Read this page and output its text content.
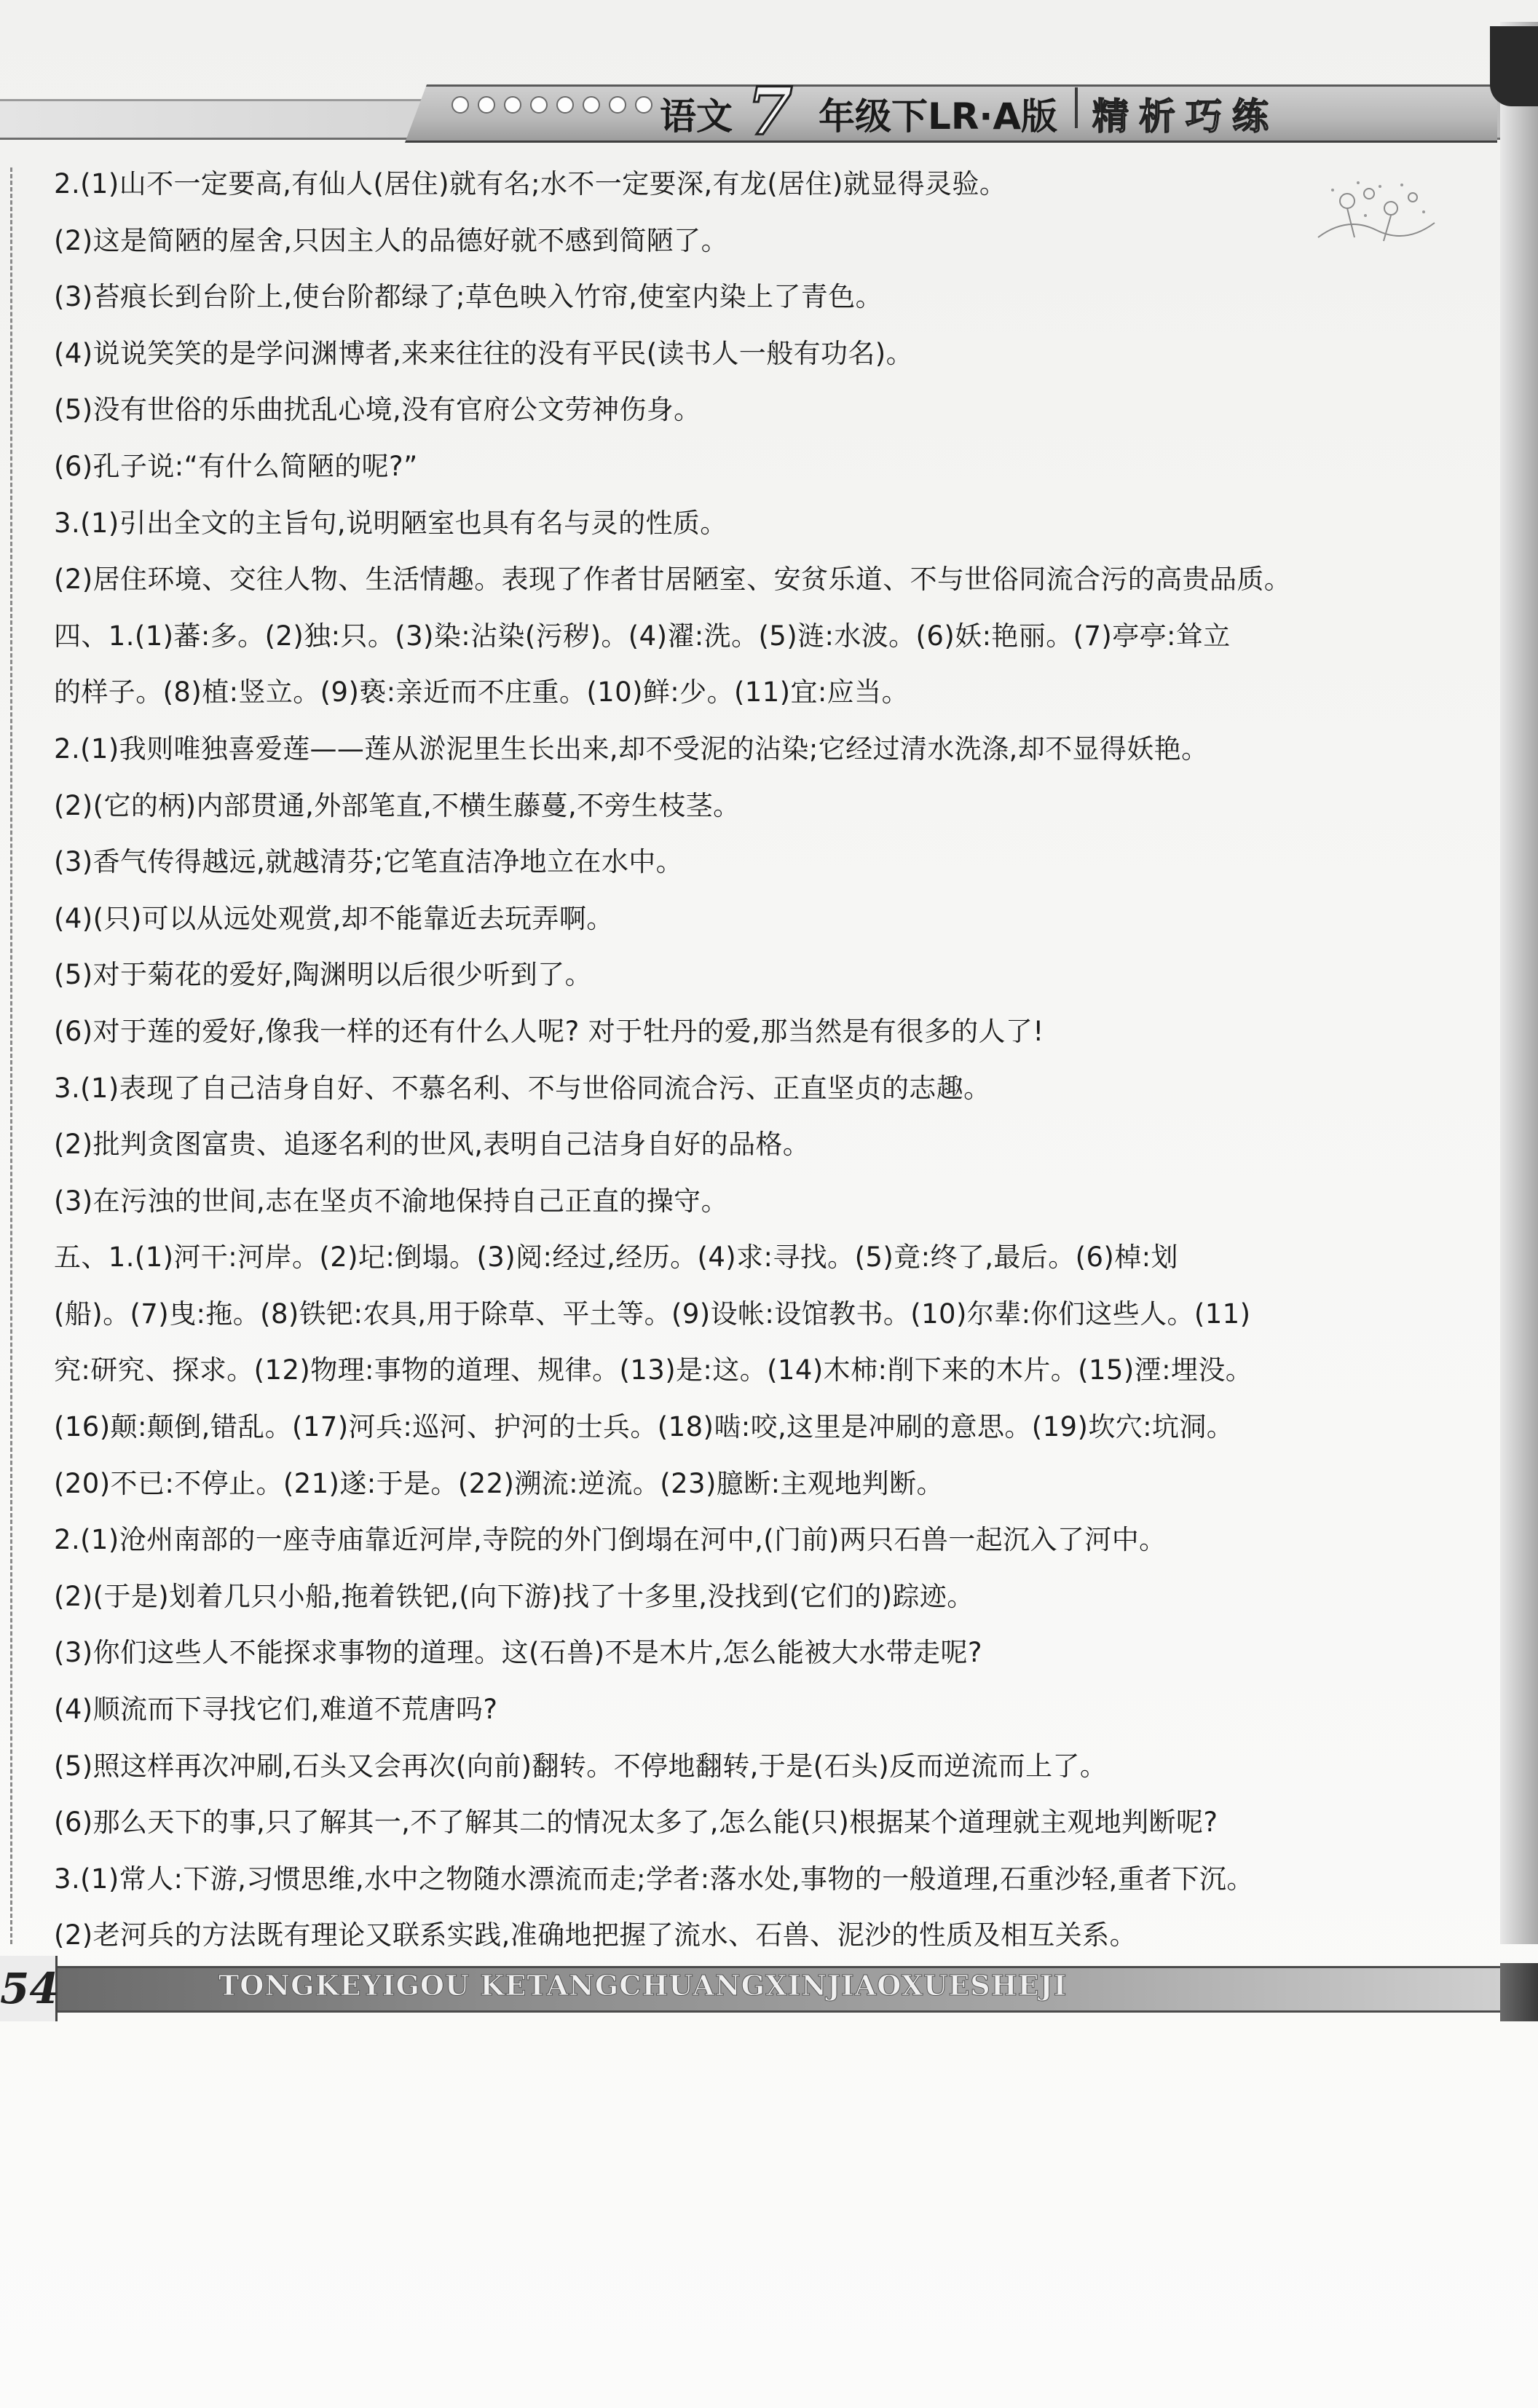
语文 7 年级下LR·A版 精析巧练
2.(1)山不一定要高,有仙人(居住)就有名;水不一定要深,有龙(居住)就显得灵验。
(2)这是简陋的屋舍,只因主人的品德好就不感到简陋了。
(3)苔痕长到台阶上,使台阶都绿了;草色映入竹帘,使室内染上了青色。
(4)说说笑笑的是学问渊博者,来来往往的没有平民(读书人一般有功名)。
(5)没有世俗的乐曲扰乱心境,没有官府公文劳神伤身。
(6)孔子说:“有什么简陋的呢?”
3.(1)引出全文的主旨句,说明陋室也具有名与灵的性质。
(2)居住环境、交往人物、生活情趣。表现了作者甘居陋室、安贫乐道、不与世俗同流合污的高贵品质。
四、1.(1)蕃:多。(2)独:只。(3)染:沾染(污秽)。(4)濯:洗。(5)涟:水波。(6)妖:艳丽。(7)亭亭:耸立
的样子。(8)植:竖立。(9)亵:亲近而不庄重。(10)鲜:少。(11)宜:应当。
2.(1)我则唯独喜爱莲——莲从淤泥里生长出来,却不受泥的沾染;它经过清水洗涤,却不显得妖艳。
(2)(它的柄)内部贯通,外部笔直,不横生藤蔓,不旁生枝茎。
(3)香气传得越远,就越清芬;它笔直洁净地立在水中。
(4)(只)可以从远处观赏,却不能靠近去玩弄啊。
(5)对于菊花的爱好,陶渊明以后很少听到了。
(6)对于莲的爱好,像我一样的还有什么人呢? 对于牡丹的爱,那当然是有很多的人了!
3.(1)表现了自己洁身自好、不慕名利、不与世俗同流合污、正直坚贞的志趣。
(2)批判贪图富贵、追逐名利的世风,表明自己洁身自好的品格。
(3)在污浊的世间,志在坚贞不渝地保持自己正直的操守。
五、1.(1)河干:河岸。(2)圮:倒塌。(3)阅:经过,经历。(4)求:寻找。(5)竟:终了,最后。(6)棹:划
(船)。(7)曳:拖。(8)铁钯:农具,用于除草、平土等。(9)设帐:设馆教书。(10)尔辈:你们这些人。(11)
究:研究、探求。(12)物理:事物的道理、规律。(13)是:这。(14)木柿:削下来的木片。(15)湮:埋没。
(16)颠:颠倒,错乱。(17)河兵:巡河、护河的士兵。(18)啮:咬,这里是冲刷的意思。(19)坎穴:坑洞。
(20)不已:不停止。(21)遂:于是。(22)溯流:逆流。(23)臆断:主观地判断。
2.(1)沧州南部的一座寺庙靠近河岸,寺院的外门倒塌在河中,(门前)两只石兽一起沉入了河中。
(2)(于是)划着几只小船,拖着铁钯,(向下游)找了十多里,没找到(它们的)踪迹。
(3)你们这些人不能探求事物的道理。这(石兽)不是木片,怎么能被大水带走呢?
(4)顺流而下寻找它们,难道不荒唐吗?
(5)照这样再次冲刷,石头又会再次(向前)翻转。不停地翻转,于是(石头)反而逆流而上了。
(6)那么天下的事,只了解其一,不了解其二的情况太多了,怎么能(只)根据某个道理就主观地判断呢?
3.(1)常人:下游,习惯思维,水中之物随水漂流而走;学者:落水处,事物的一般道理,石重沙轻,重者下沉。
(2)老河兵的方法既有理论又联系实践,准确地把握了流水、石兽、泥沙的性质及相互关系。
TONGKEYIGOU KETANGCHUANGXINJIAOXUESHEJI
54
